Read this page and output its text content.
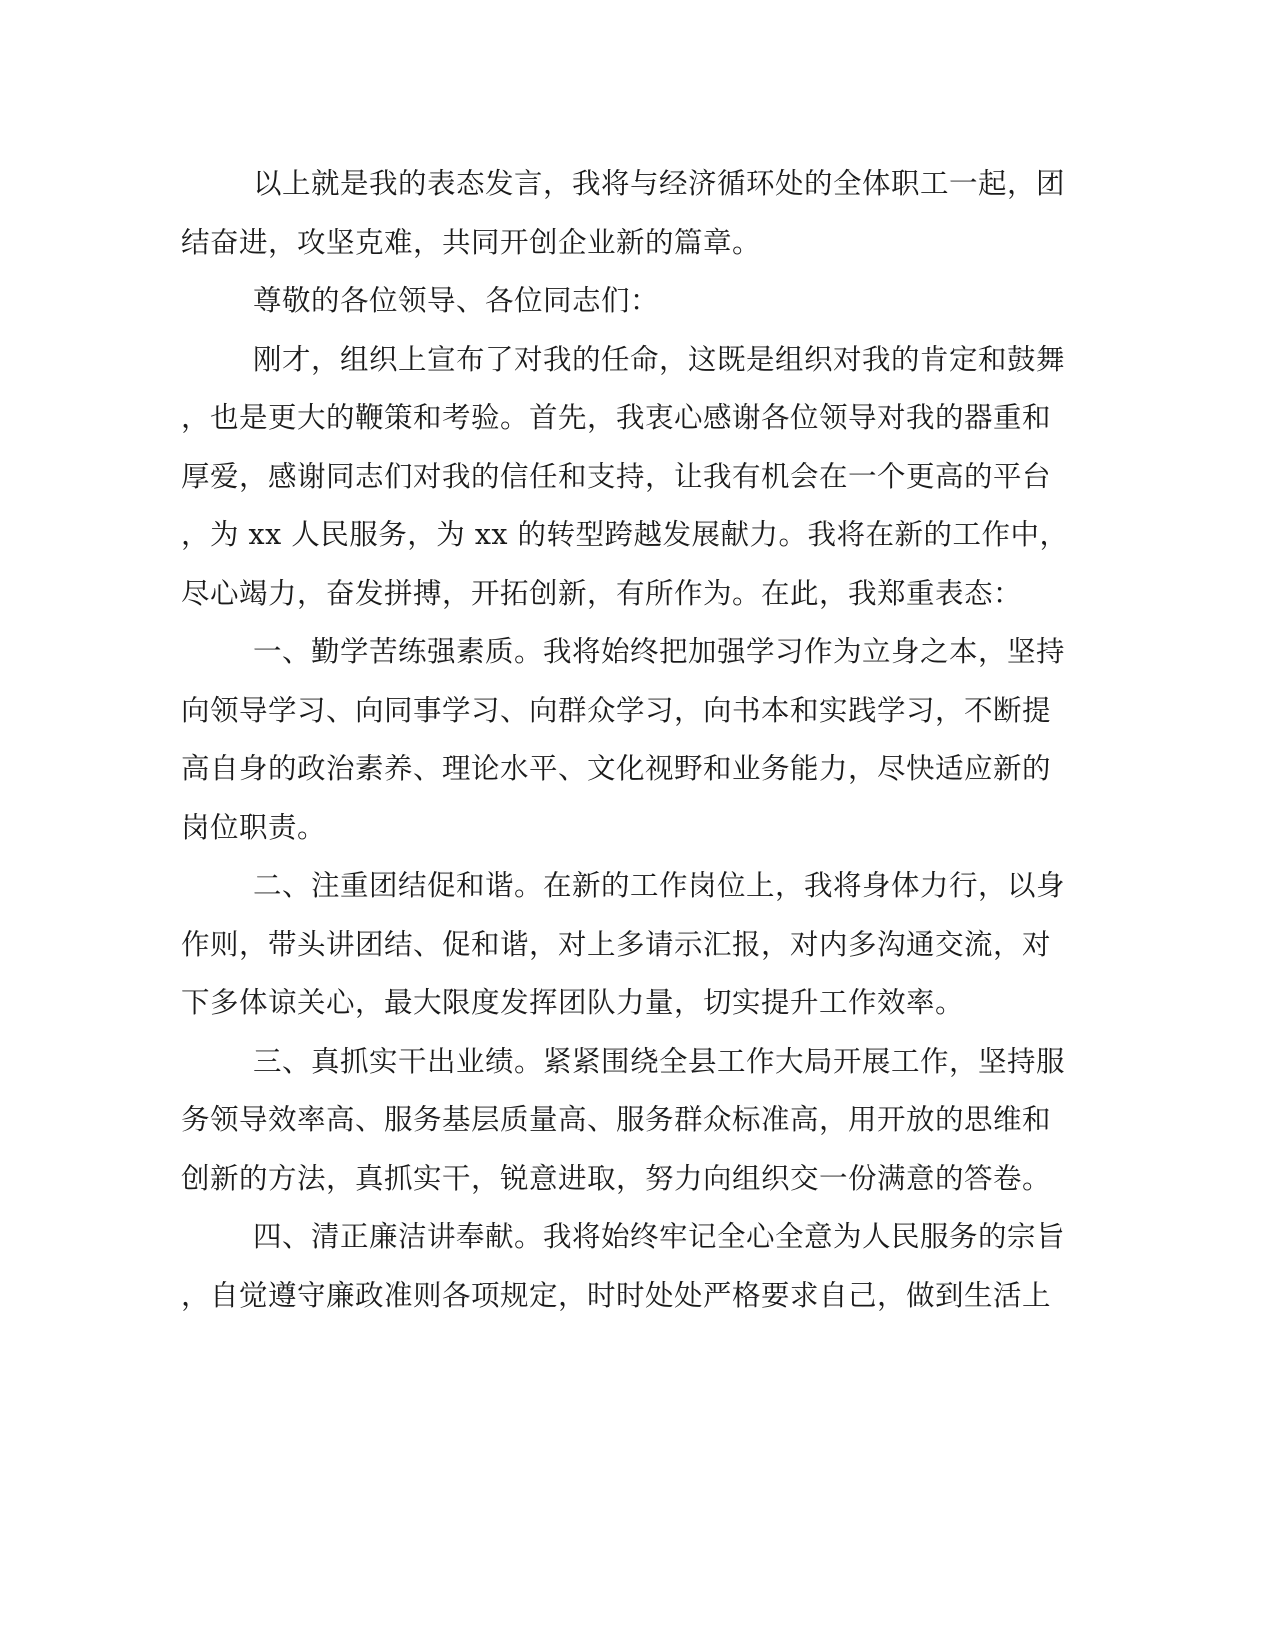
以上就是我的表态发言，我将与经济循环处的全体职工一起，团
结奋进，攻坚克难，共同开创企业新的篇章。
尊敬的各位领导、各位同志们：
刚才，组织上宣布了对我的任命，这既是组织对我的肯定和鼓舞
，也是更大的鞭策和考验。首先，我衷心感谢各位领导对我的器重和
厚爱，感谢同志们对我的信任和支持，让我有机会在一个更高的平台
，为 xx 人民服务，为 xx 的转型跨越发展献力。我将在新的工作中，
尽心竭力，奋发拼搏，开拓创新，有所作为。在此，我郑重表态：
一、勤学苦练强素质。我将始终把加强学习作为立身之本，坚持
向领导学习、向同事学习、向群众学习，向书本和实践学习，不断提
高自身的政治素养、理论水平、文化视野和业务能力，尽快适应新的
岗位职责。
二、注重团结促和谐。在新的工作岗位上，我将身体力行，以身
作则，带头讲团结、促和谐，对上多请示汇报，对内多沟通交流，对
下多体谅关心，最大限度发挥团队力量，切实提升工作效率。
三、真抓实干出业绩。紧紧围绕全县工作大局开展工作，坚持服
务领导效率高、服务基层质量高、服务群众标准高，用开放的思维和
创新的方法，真抓实干，锐意进取，努力向组织交一份满意的答卷。
四、清正廉洁讲奉献。我将始终牢记全心全意为人民服务的宗旨
，自觉遵守廉政准则各项规定，时时处处严格要求自己，做到生活上
